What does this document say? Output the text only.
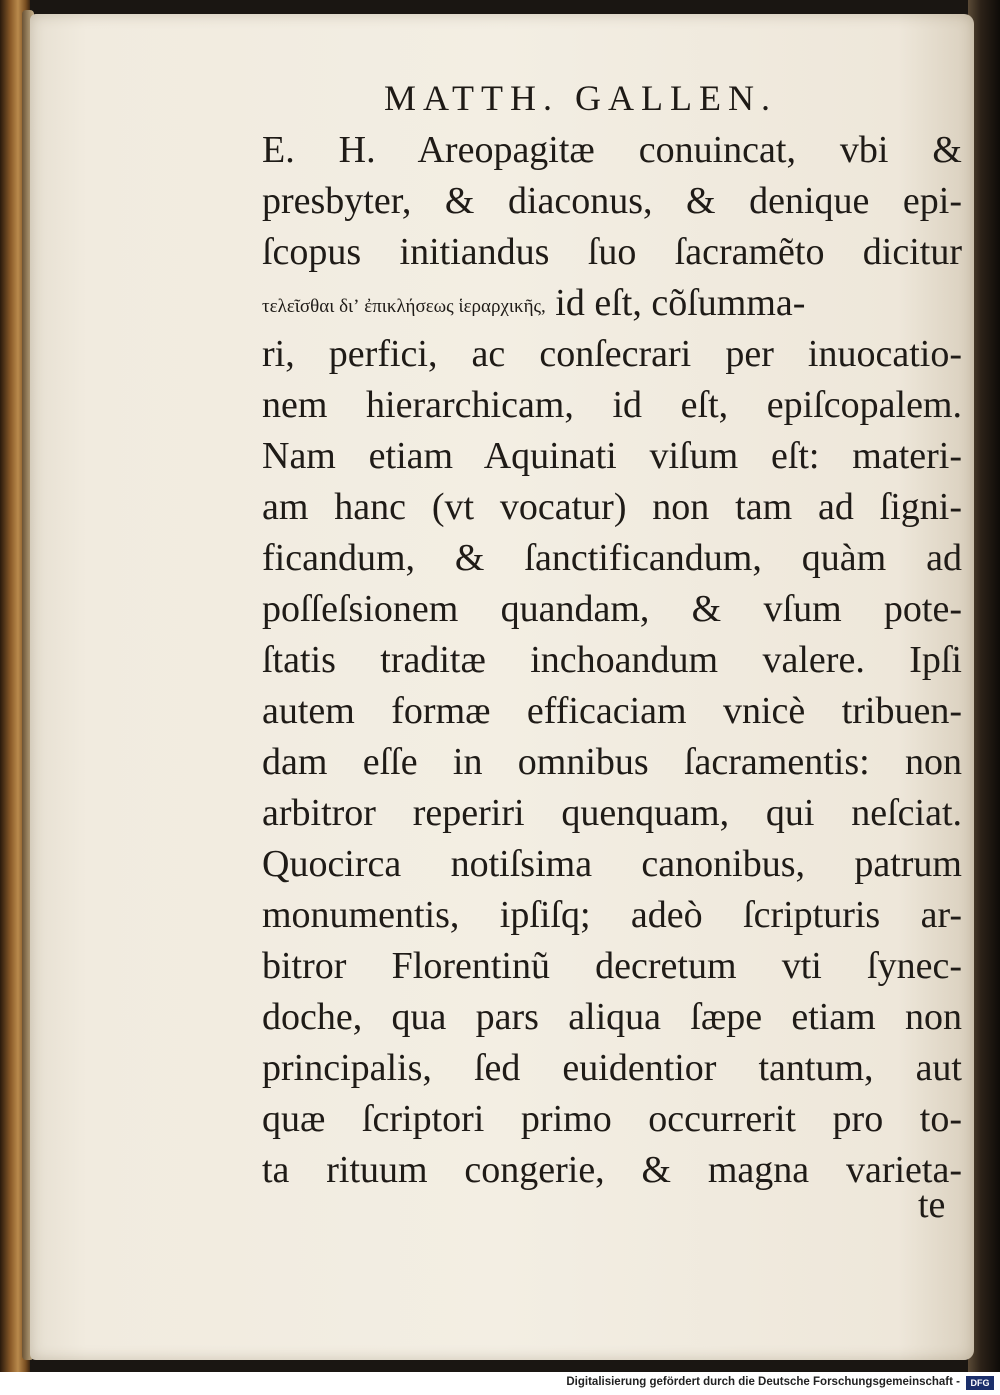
MATTH. GALLEN.
E. H. Areopagitæ conuincat, vbi &
presbyter, & diaconus, & denique epi-
ſcopus initiandus ſuo ſacramẽto dicitur
τελεῖσθαι διʼ ἐπικλήσεως ἱεραρχικῆς, id eſt, cõſumma-
ri, perfici, ac conſecrari per inuocatio-
nem hierarchicam, id eſt, epiſcopalem.
Nam etiam Aquinati viſum eſt: materi-
am hanc (vt vocatur) non tam ad ſigni-
ficandum, & ſanctificandum, quàm ad
poſſeſsionem quandam, & vſum pote-
ſtatis traditæ inchoandum valere. Ipſi
autem formæ efficaciam vnicè tribuen-
dam eſſe in omnibus ſacramentis: non
arbitror reperiri quenquam, qui neſciat.
Quocirca notiſsima canonibus, patrum
monumentis, ipſiſq; adeò ſcripturis ar-
bitror Florentinũ decretum vti ſynec-
doche, qua pars aliqua ſæpe etiam non
principalis, ſed euidentior tantum, aut
quæ ſcriptori primo occurrerit pro to-
ta rituum congerie, & magna varieta-
te
Digitalisierung gefördert durch die Deutsche Forschungsgemeinschaft -	DFG
